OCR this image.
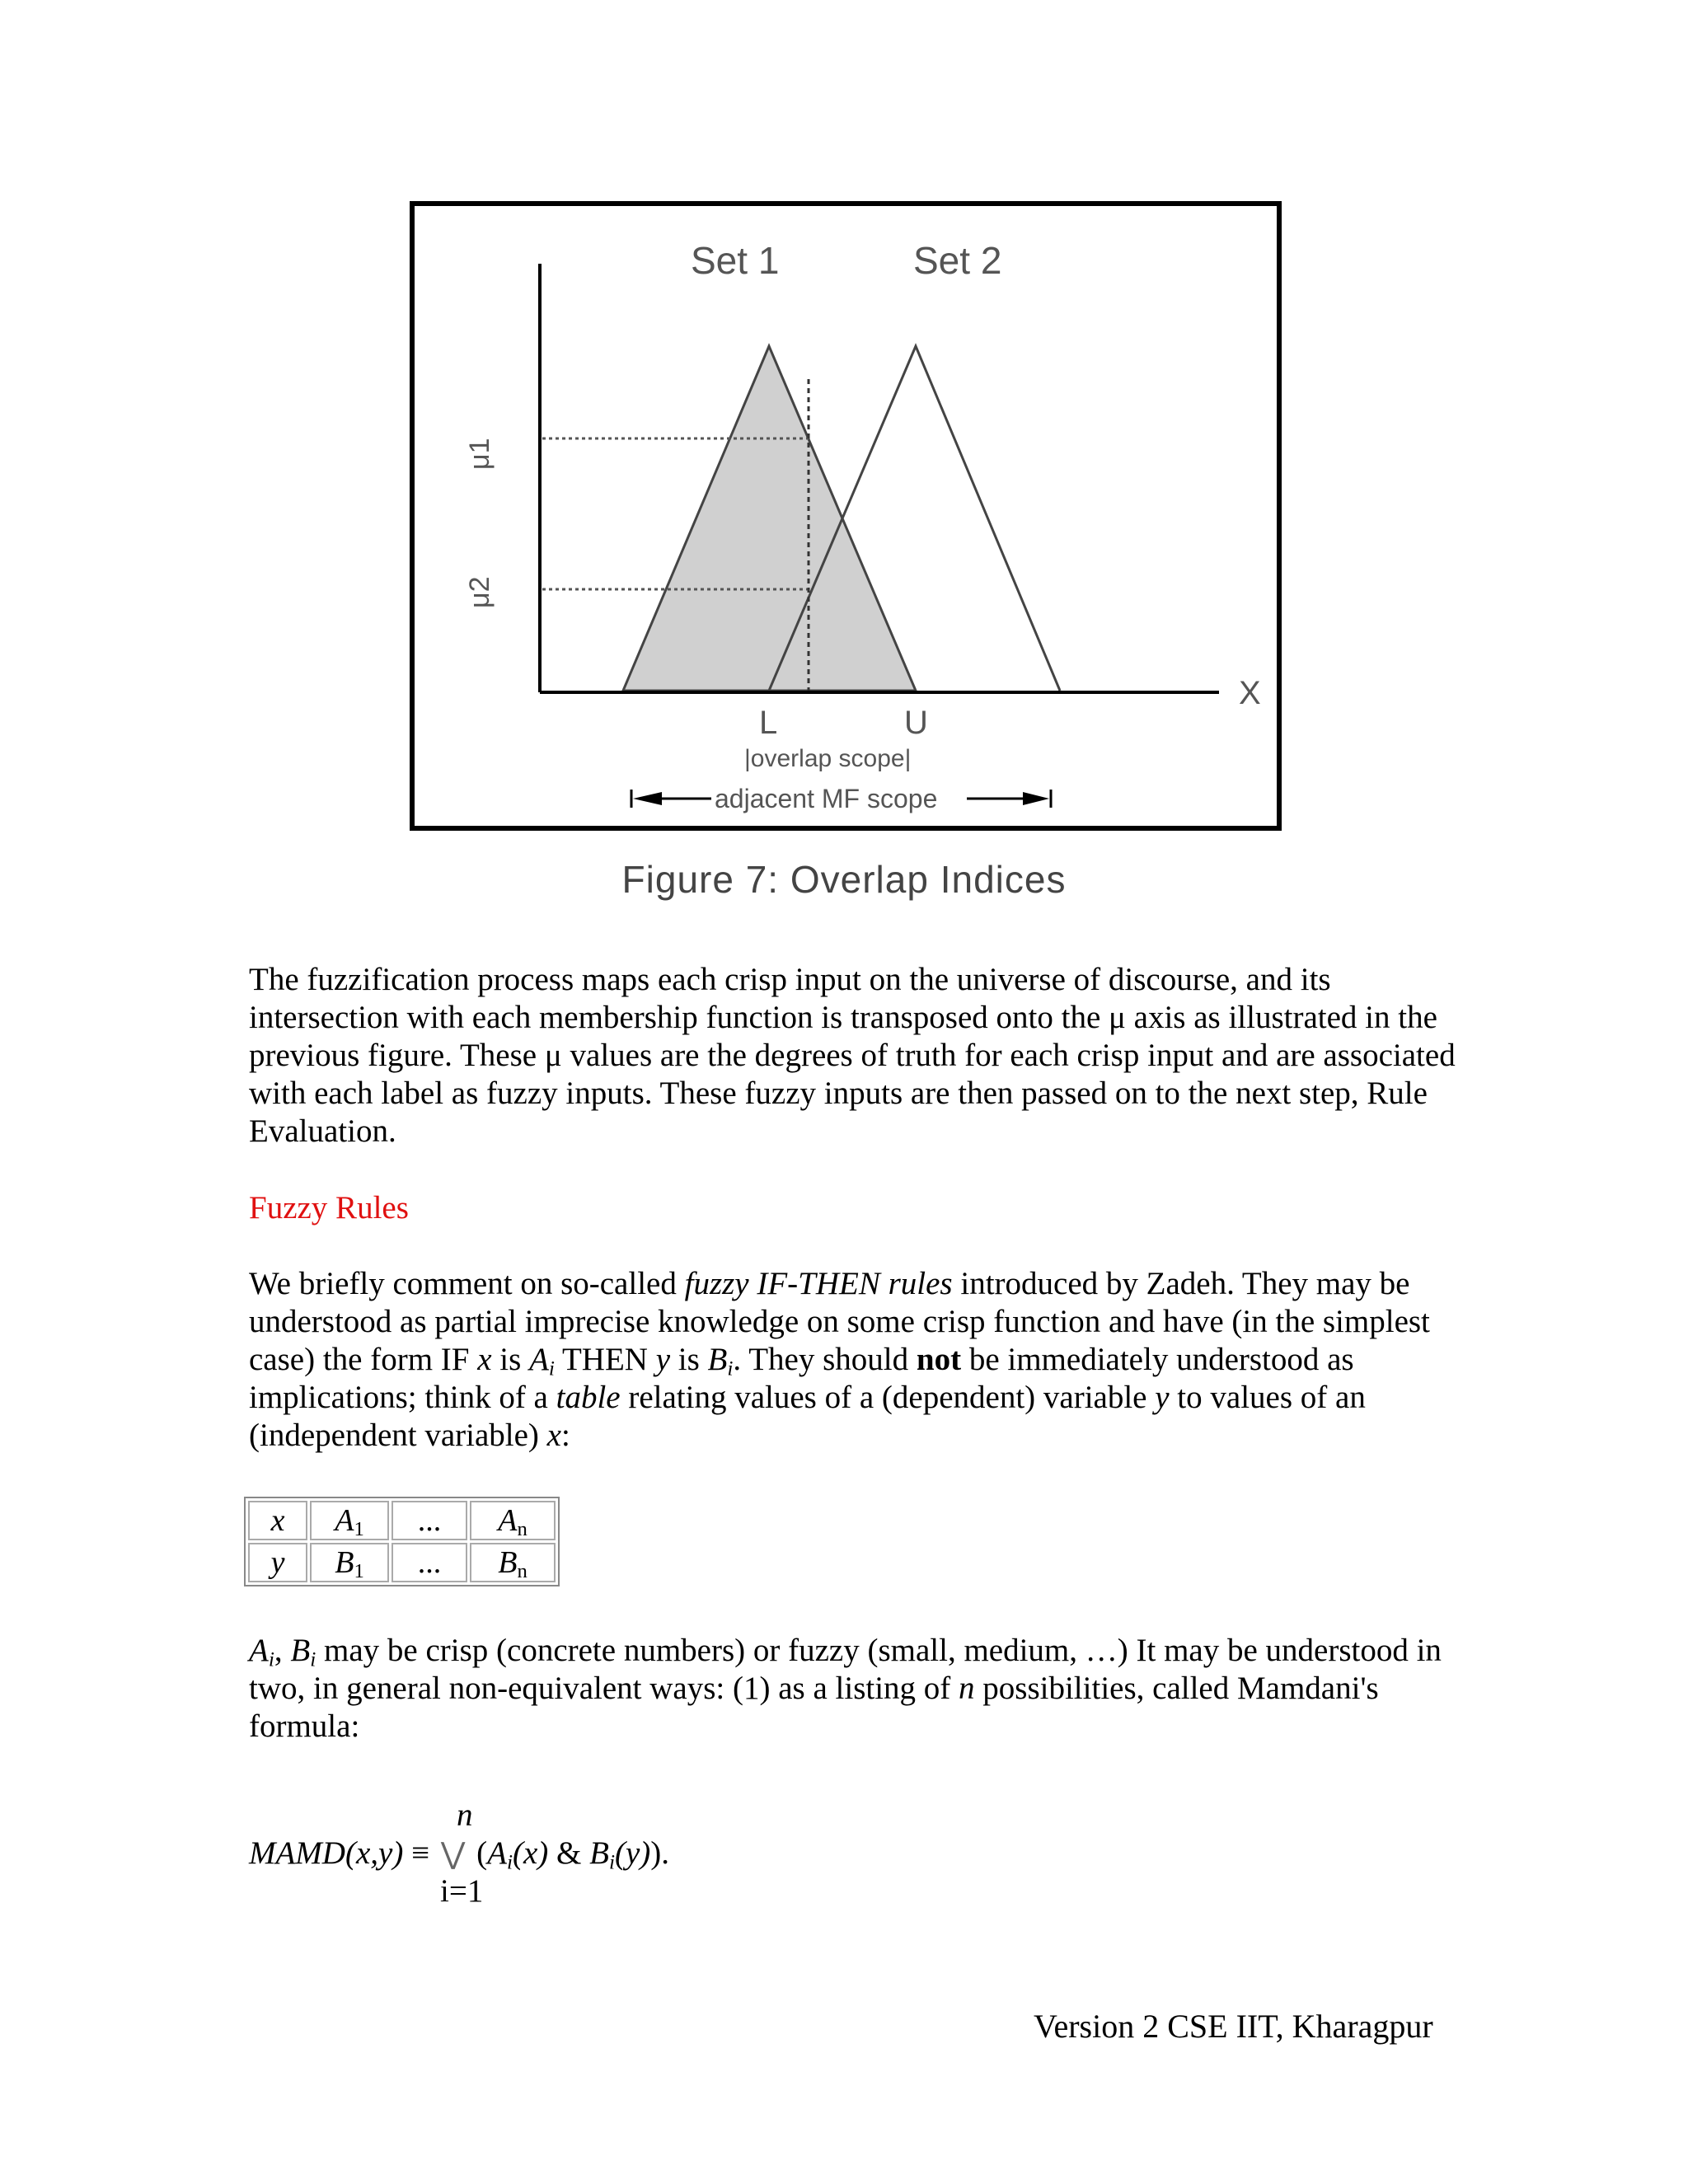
Set 1	Set 2
μ1
μ2
X
L	U
|overlap scope|
adjacent MF scope
Figure 7: Overlap Indices

The fuzzification process maps each crisp input on the universe of discourse, and its intersection with each membership function is transposed onto the μ axis as illustrated in the previous figure. These μ values are the degrees of truth for each crisp input and are associated with each label as fuzzy inputs. These fuzzy inputs are then passed on to the next step, Rule Evaluation.

Fuzzy Rules

We briefly comment on so-called fuzzy IF-THEN rules introduced by Zadeh. They may be understood as partial imprecise knowledge on some crisp function and have (in the simplest case) the form IF x is $A_i$ THEN y is $B_i$. They should not be immediately understood as implications; think of a table relating values of a (dependent) variable y to values of an (independent variable) x:

x	$A_1$	...	$A_n$
y	$B_1$	...	$B_n$

$A_i$, $B_i$ may be crisp (concrete numbers) or fuzzy (small, medium, …) It may be understood in two, in general non-equivalent ways: (1) as a listing of n possibilities, called Mamdani's formula:

n
MAMD(x,y) ≡ ⋁ ($A_i(x)$ & $B_i(y)$).
i=1
Version 2 CSE IIT, Kharagpur
